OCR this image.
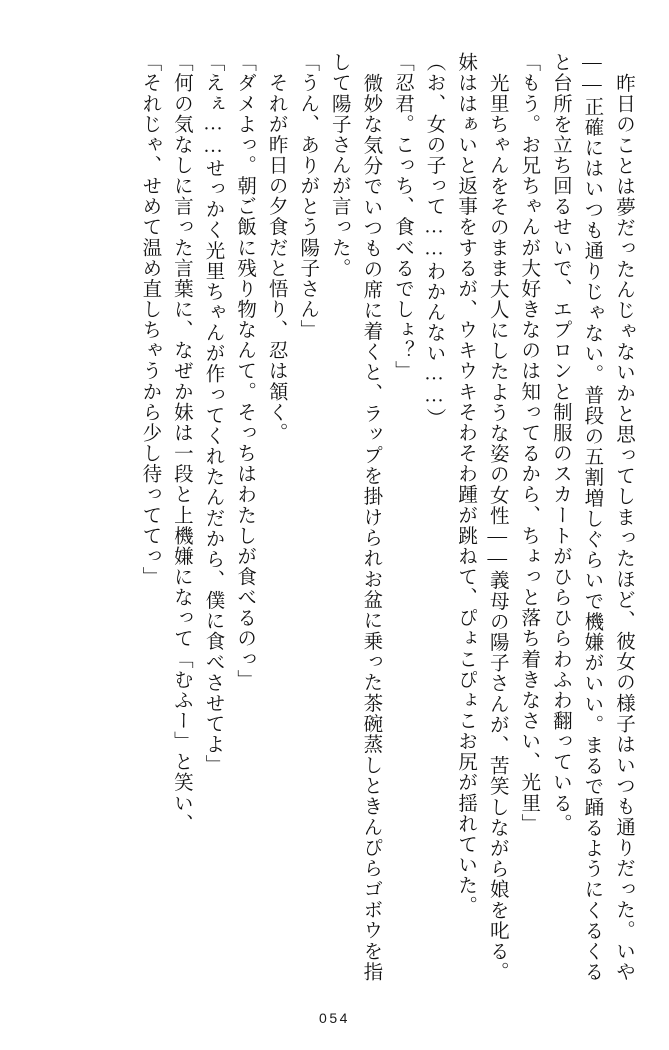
　昨日のことは夢だったんじゃないかと思ってしまったほど、彼女の様子はいつも通りだった。いや——正確にはいつも通りじゃない。普段の五割増しぐらいで機嫌がいい。まるで踊るようにくるくると台所を立ち回るせいで、エプロンと制服のスカートがひらひらわふわ翻っている。

「もう。お兄ちゃんが大好きなのは知ってるから、ちょっと落ち着きなさい、光里」

　光里ちゃんをそのまま大人にしたような姿の女性——義母の陽子さんが、苦笑しながら娘を叱る。妹ははぁいと返事をするが、ウキウキそわそわ踵が跳ねて、ぴょこぴょこお尻が揺れていた。

（お、女の子って……わかんない……）

「忍君。こっち、食べるでしょ？」

　微妙な気分でいつもの席に着くと、ラップを掛けられお盆に乗った茶碗蒸しときんぴらゴボウを指して陽子さんが言った。

「うん、ありがとう陽子さん」

　それが昨日の夕食だと悟り、忍は頷く。

「ダメよっ。朝ご飯に残り物なんて。そっちはわたしが食べるのっ」

「えぇ……せっかく光里ちゃんが作ってくれたんだから、僕に食べさせてよ」

「何の気なしに言った言葉に、なぜか妹は一段と上機嫌になって「むふー」と笑い、

「それじゃ、せめて温め直しちゃうから少し待っててっ」

054
